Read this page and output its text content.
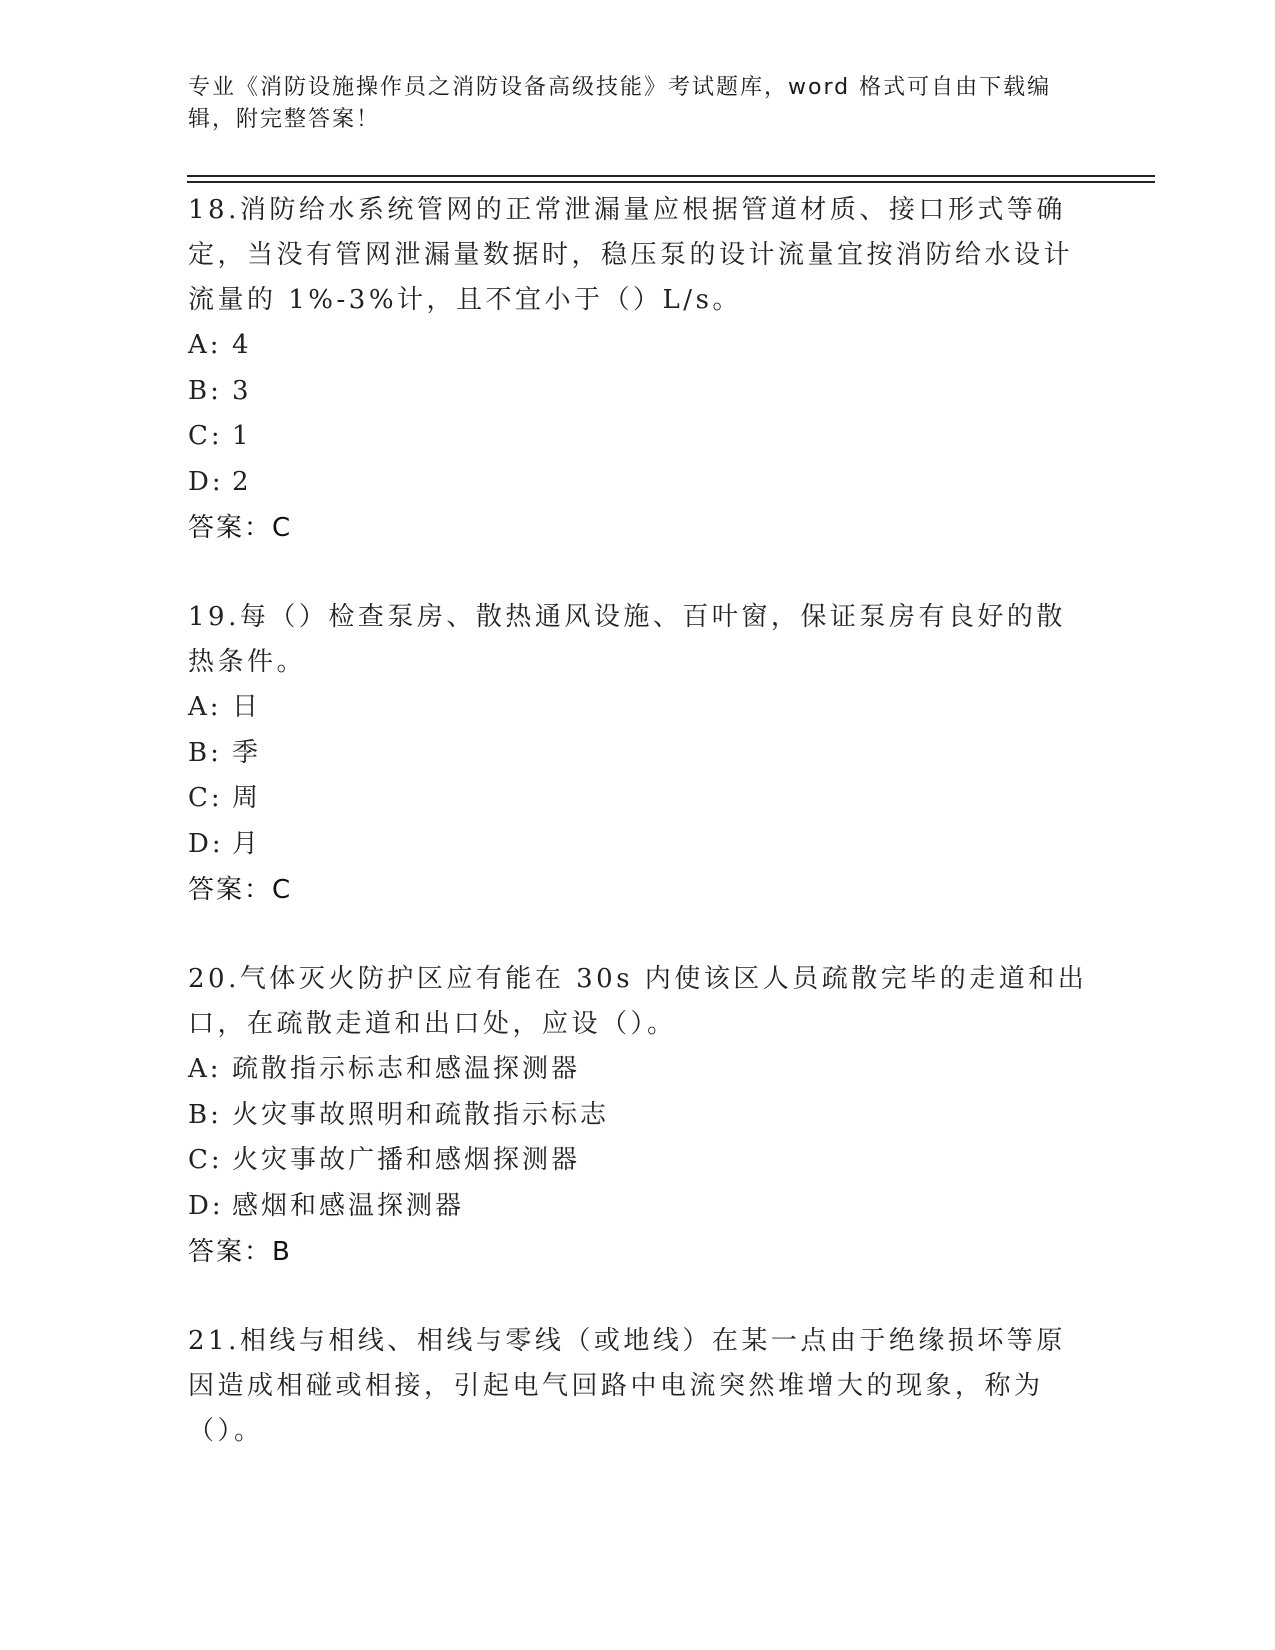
专业《消防设施操作员之消防设备高级技能》考试题库，word 格式可自由下载编辑，附完整答案！

18.消防给水系统管网的正常泄漏量应根据管道材质、接口形式等确定，当没有管网泄漏量数据时，稳压泵的设计流量宜按消防给水设计流量的 1%-3%计，且不宜小于（）L/s。

A: 4

B: 3

C: 1

D: 2

答案：C

19.每（）检查泵房、散热通风设施、百叶窗，保证泵房有良好的散热条件。

A: 日

B: 季

C: 周

D: 月

答案：C

20.气体灭火防护区应有能在 30s 内使该区人员疏散完毕的走道和出口，在疏散走道和出口处，应设（）。

A: 疏散指示标志和感温探测器

B: 火灾事故照明和疏散指示标志

C: 火灾事故广播和感烟探测器

D: 感烟和感温探测器

答案：B

21.相线与相线、相线与零线（或地线）在某一点由于绝缘损坏等原因造成相碰或相接，引起电气回路中电流突然堆增大的现象，称为（）。
